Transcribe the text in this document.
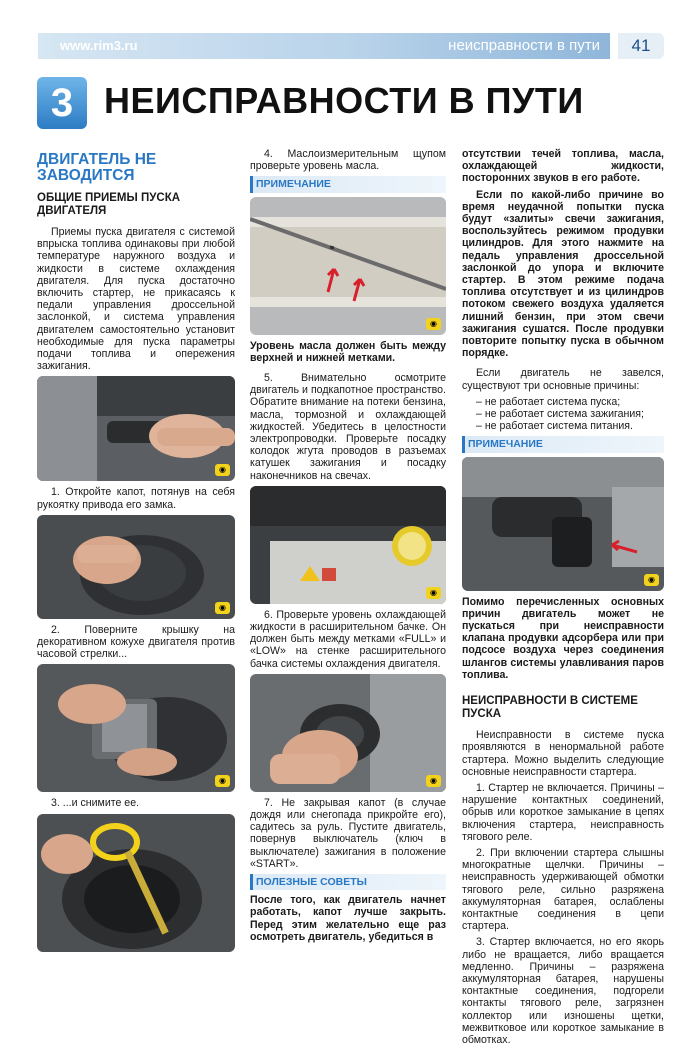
www.rim3.ru	неисправности в пути	41
3 НЕИСПРАВНОСТИ В ПУТИ
ДВИГАТЕЛЬ НЕ ЗАВОДИТСЯ
ОБЩИЕ ПРИЕМЫ ПУСКА ДВИГАТЕЛЯ

Приемы пуска двигателя с системой впрыска топлива одинаковы при любой температуре наружного воздуха и жидкости в системе охлаждения двигателя. Для пуска достаточно включить стартер, не прикасаясь к педали управления дроссельной заслонкой, и система управления двигателем самостоятельно установит необходимые для пуска параметры подачи топлива и опережения зажигания.

◉

1. Откройте капот, потянув на себя рукоятку привода его замка.

◉

2. Поверните крышку на декоративном кожухе двигателя против часовой стрелки...

◉

3. ...и снимите ее.

4. Маслоизмерительным щупом проверьте уровень масла.

ПРИМЕЧАНИЕ
◉

Уровень масла должен быть между верхней и нижней метками.

5. Внимательно осмотрите двигатель и подкапотное пространство. Обратите внимание на потеки бензина, масла, тормозной и охлаждающей жидкостей. Убедитесь в целостности электропроводки. Проверьте посадку колодок жгута проводов в разъемах катушек зажигания и посадку наконечников на свечах.

◉

6. Проверьте уровень охлаждающей жидкости в расширительном бачке. Он должен быть между метками «FULL» и «LOW» на стенке расширительного бачка системы охлаждения двигателя.

◉

7. Не закрывая капот (в случае дождя или снегопада прикройте его), садитесь за руль. Пустите двигатель, повернув выключатель (ключ в выключателе) зажигания в положение «START».

ПОЛЕЗНЫЕ СОВЕТЫ

После того, как двигатель начнет работать, капот лучше закрыть. Перед этим желательно еще раз осмотреть двигатель, убедиться в

отсутствии течей топлива, масла, охлаждающей жидкости, посторонних звуков в его работе.

Если по какой-либо причине во время неудачной попытки пуска будут «залиты» свечи зажигания, воспользуйтесь режимом продувки цилиндров. Для этого нажмите на педаль управления дроссельной заслонкой до упора и включите стартер. В этом режиме подача топлива отсутствует и из цилиндров потоком свежего воздуха удаляется лишний бензин, при этом свечи зажигания сушатся. После продувки повторите попытку пуска в обычном порядке.

Если двигатель не завелся, существуют три основные причины:

– не работает система пуска;
– не работает система зажигания;
– не работает система питания.
ПРИМЕЧАНИЕ
◉

Помимо перечисленных основных причин двигатель может не пускаться при неисправности клапана продувки адсорбера или при подсосе воздуха через соединения шлангов системы улавливания паров топлива.

НЕИСПРАВНОСТИ В СИСТЕМЕ ПУСКА

Неисправности в системе пуска проявляются в ненормальной работе стартера. Можно выделить следующие основные неисправности стартера.

1. Стартер не включается. Причины – нарушение контактных соединений, обрыв или короткое замыкание в цепях включения стартера, неисправность тягового реле.

2. При включении стартера слышны многократные щелчки. Причины – неисправность удерживающей обмотки тягового реле, сильно разряжена аккумуляторная батарея, ослаблены контактные соединения в цепи стартера.

3. Стартер включается, но его якорь либо не вращается, либо вращается медленно. Причины – разряжена аккумуляторная батарея, нарушены контактные соединения, подгорели контакты тягового реле, загрязнен коллектор или изношены щетки, межвитковое или короткое замыкание в обмотках.
